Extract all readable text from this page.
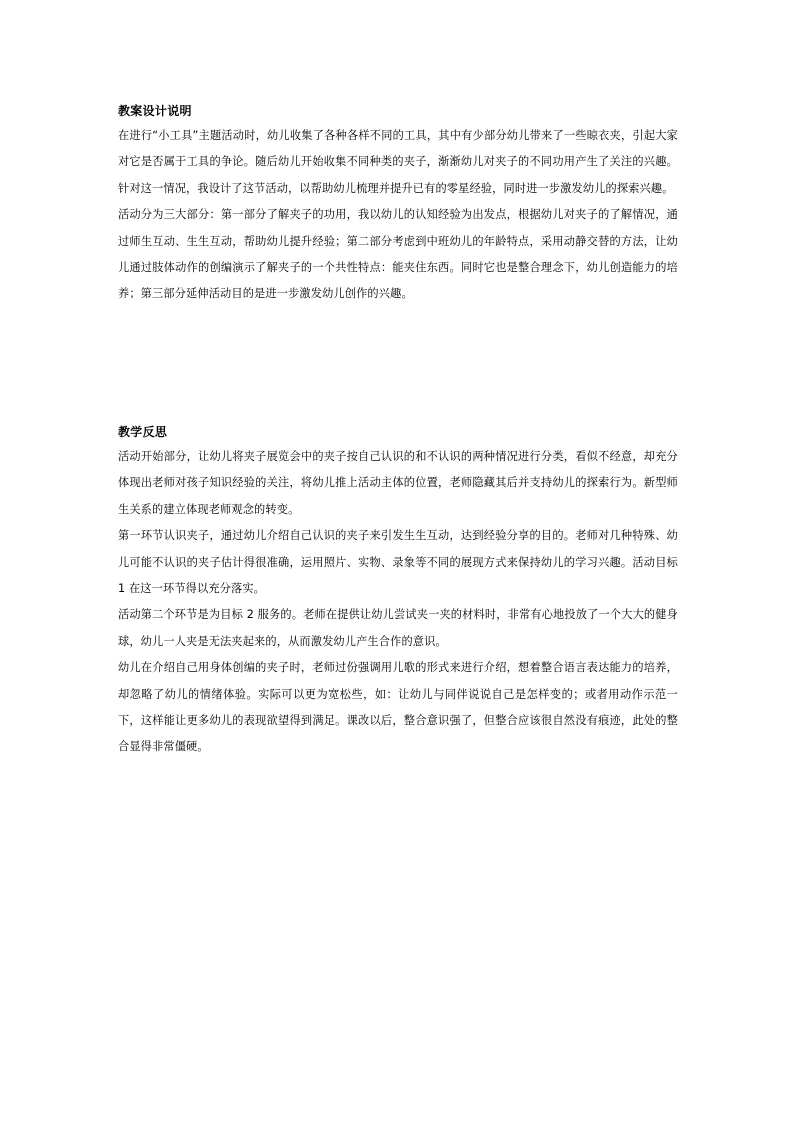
教案设计说明

在进行“小工具”主题活动时，幼儿收集了各种各样不同的工具，其中有少部分幼儿带来了一些晾衣夹，引起大家对它是否属于工具的争论。随后幼儿开始收集不同种类的夹子，渐渐幼儿对夹子的不同功用产生了关注的兴趣。针对这一情况，我设计了这节活动，以帮助幼儿梳理并提升已有的零星经验，同时进一步激发幼儿的探索兴趣。

活动分为三大部分：第一部分了解夹子的功用，我以幼儿的认知经验为出发点，根据幼儿对夹子的了解情况，通过师生互动、生生互动，帮助幼儿提升经验；第二部分考虑到中班幼儿的年龄特点，采用动静交替的方法，让幼儿通过肢体动作的创编演示了解夹子的一个共性特点：能夹住东西。同时它也是整合理念下，幼儿创造能力的培养；第三部分延伸活动目的是进一步激发幼儿创作的兴趣。

教学反思

活动开始部分，让幼儿将夹子展览会中的夹子按自己认识的和不认识的两种情况进行分类，看似不经意，却充分体现出老师对孩子知识经验的关注，将幼儿推上活动主体的位置，老师隐藏其后并支持幼儿的探索行为。新型师生关系的建立体现老师观念的转变。

第一环节认识夹子，通过幼儿介绍自己认识的夹子来引发生生互动，达到经验分享的目的。老师对几种特殊、幼儿可能不认识的夹子估计得很准确，运用照片、实物、录象等不同的展现方式来保持幼儿的学习兴趣。活动目标 1 在这一环节得以充分落实。

活动第二个环节是为目标 2 服务的。老师在提供让幼儿尝试夹一夹的材料时，非常有心地投放了一个大大的健身球，幼儿一人夹是无法夹起来的，从而激发幼儿产生合作的意识。

幼儿在介绍自己用身体创编的夹子时，老师过份强调用儿歌的形式来进行介绍，想着整合语言表达能力的培养，却忽略了幼儿的情绪体验。实际可以更为宽松些，如：让幼儿与同伴说说自己是怎样变的；或者用动作示范一下，这样能让更多幼儿的表现欲望得到满足。课改以后，整合意识强了，但整合应该很自然没有痕迹，此处的整合显得非常僵硬。
